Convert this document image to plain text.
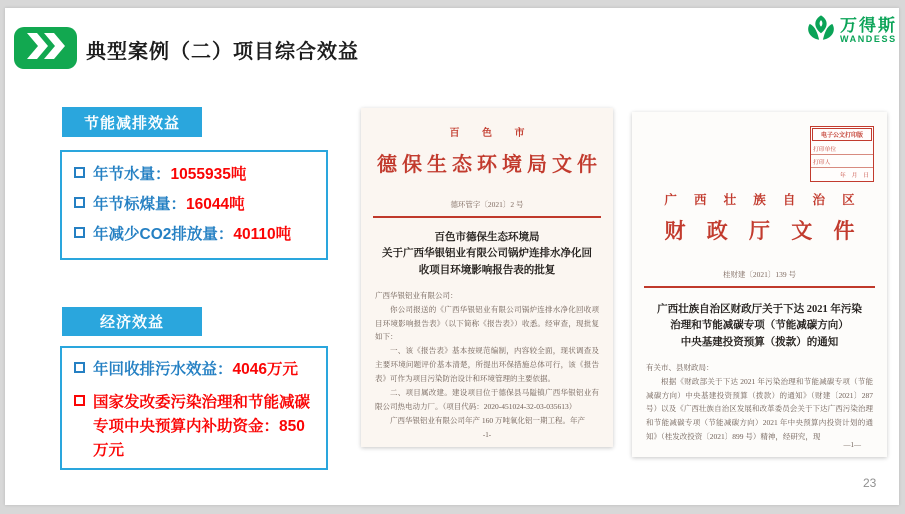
典型案例（二）项目综合效益
万得斯
WANDESS
节能减排效益
年节水量：1055935吨
年节标煤量：16044吨
年减少CO2排放量：40110吨
经济效益
年回收排污水效益：4046万元
国家发改委污染治理和节能减碳专项中央预算内补助资金：850万元
百 色 市
德保生态环境局文件
德环管字〔2021〕2 号
百色市德保生态环境局
关于广西华银铝业有限公司锅炉连排水净化回
收项目环境影响报告表的批复

广西华银铝业有限公司：

你公司报送的《广西华银铝业有限公司锅炉连排水净化回收项目环境影响报告表》（以下简称《报告表》）收悉。经审查，现批复如下：

一、该《报告表》基本按规范编制，内容较全面，现状调查及主要环境问题评价基本清楚，所提出环保措施总体可行，该《报告表》可作为项目污染防治设计和环境管理的主要依据。

二、项目属改建。建设项目位于德保县马隘镇广西华银铝业有限公司热电动力厂。（项目代码：2020-451024-32-03-035613）

广西华银铝业有限公司年产 160 万吨氧化铝一期工程。年产

-1-
电子公文打印版
打印单位
打印人
年　月　日
广 西 壮 族 自 治 区
财 政 厅 文 件
桂财建〔2021〕139 号
广西壮族自治区财政厅关于下达 2021 年污染
治理和节能减碳专项（节能减碳方向）
中央基建投资预算（拨款）的通知

有关市、县财政局：

根据《财政部关于下达 2021 年污染治理和节能减碳专项（节能减碳方向）中央基建投资预算（拨款）的通知》（财建〔2021〕287 号）以及《广西壮族自治区发展和改革委员会关于下达广西污染治理和节能减碳专项（节能减碳方向）2021 年中央预算内投资计划的通知》（桂发改投资〔2021〕899 号）精神，经研究，现

—1—
23
